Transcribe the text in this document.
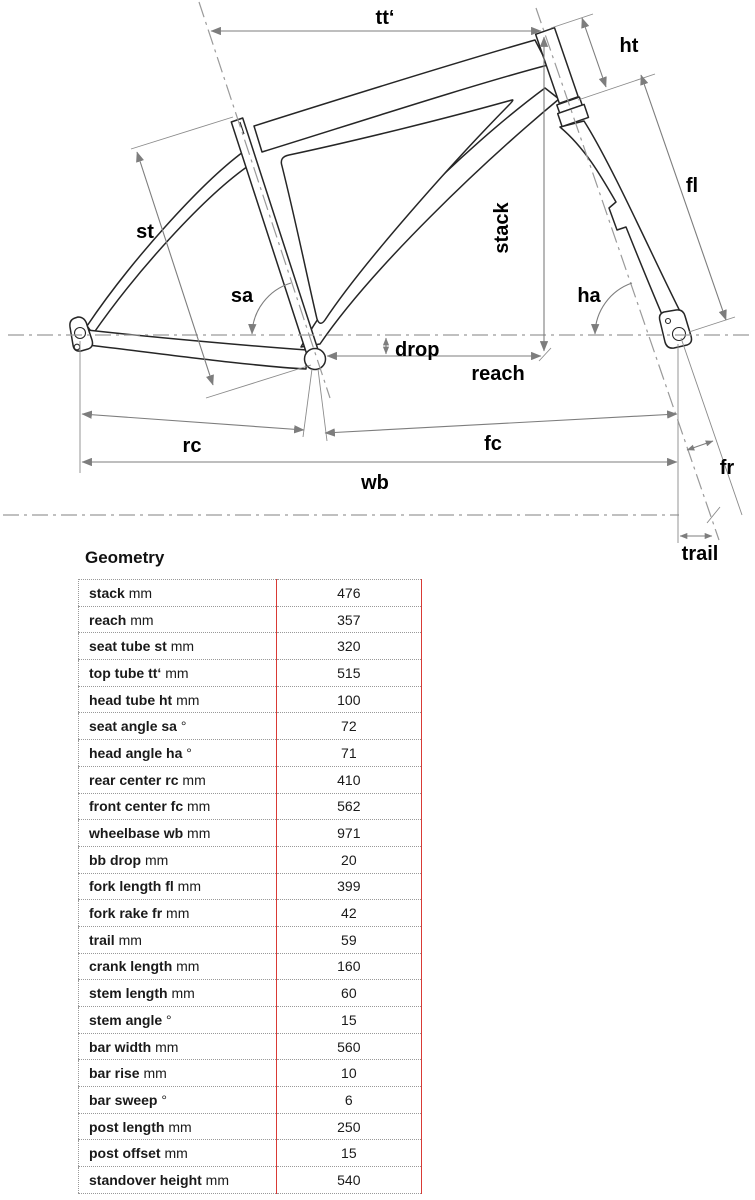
tt‘
ht
fl
st	stack
sa	ha
drop
reach
rc	fc
wb
fr
trail
Geometry
stack mm	476
reach mm	357
seat tube st mm	320
top tube tt‘ mm	515
head tube ht mm	100
seat angle sa °	72
head angle ha °	71
rear center rc mm	410
front center fc mm	562
wheelbase wb mm	971
bb drop mm	20
fork length fl mm	399
fork rake fr mm	42
trail mm	59
crank length mm	160
stem length mm	60
stem angle °	15
bar width mm	560
bar rise mm	10
bar sweep °	6
post length mm	250
post offset mm	15
standover height mm	540
